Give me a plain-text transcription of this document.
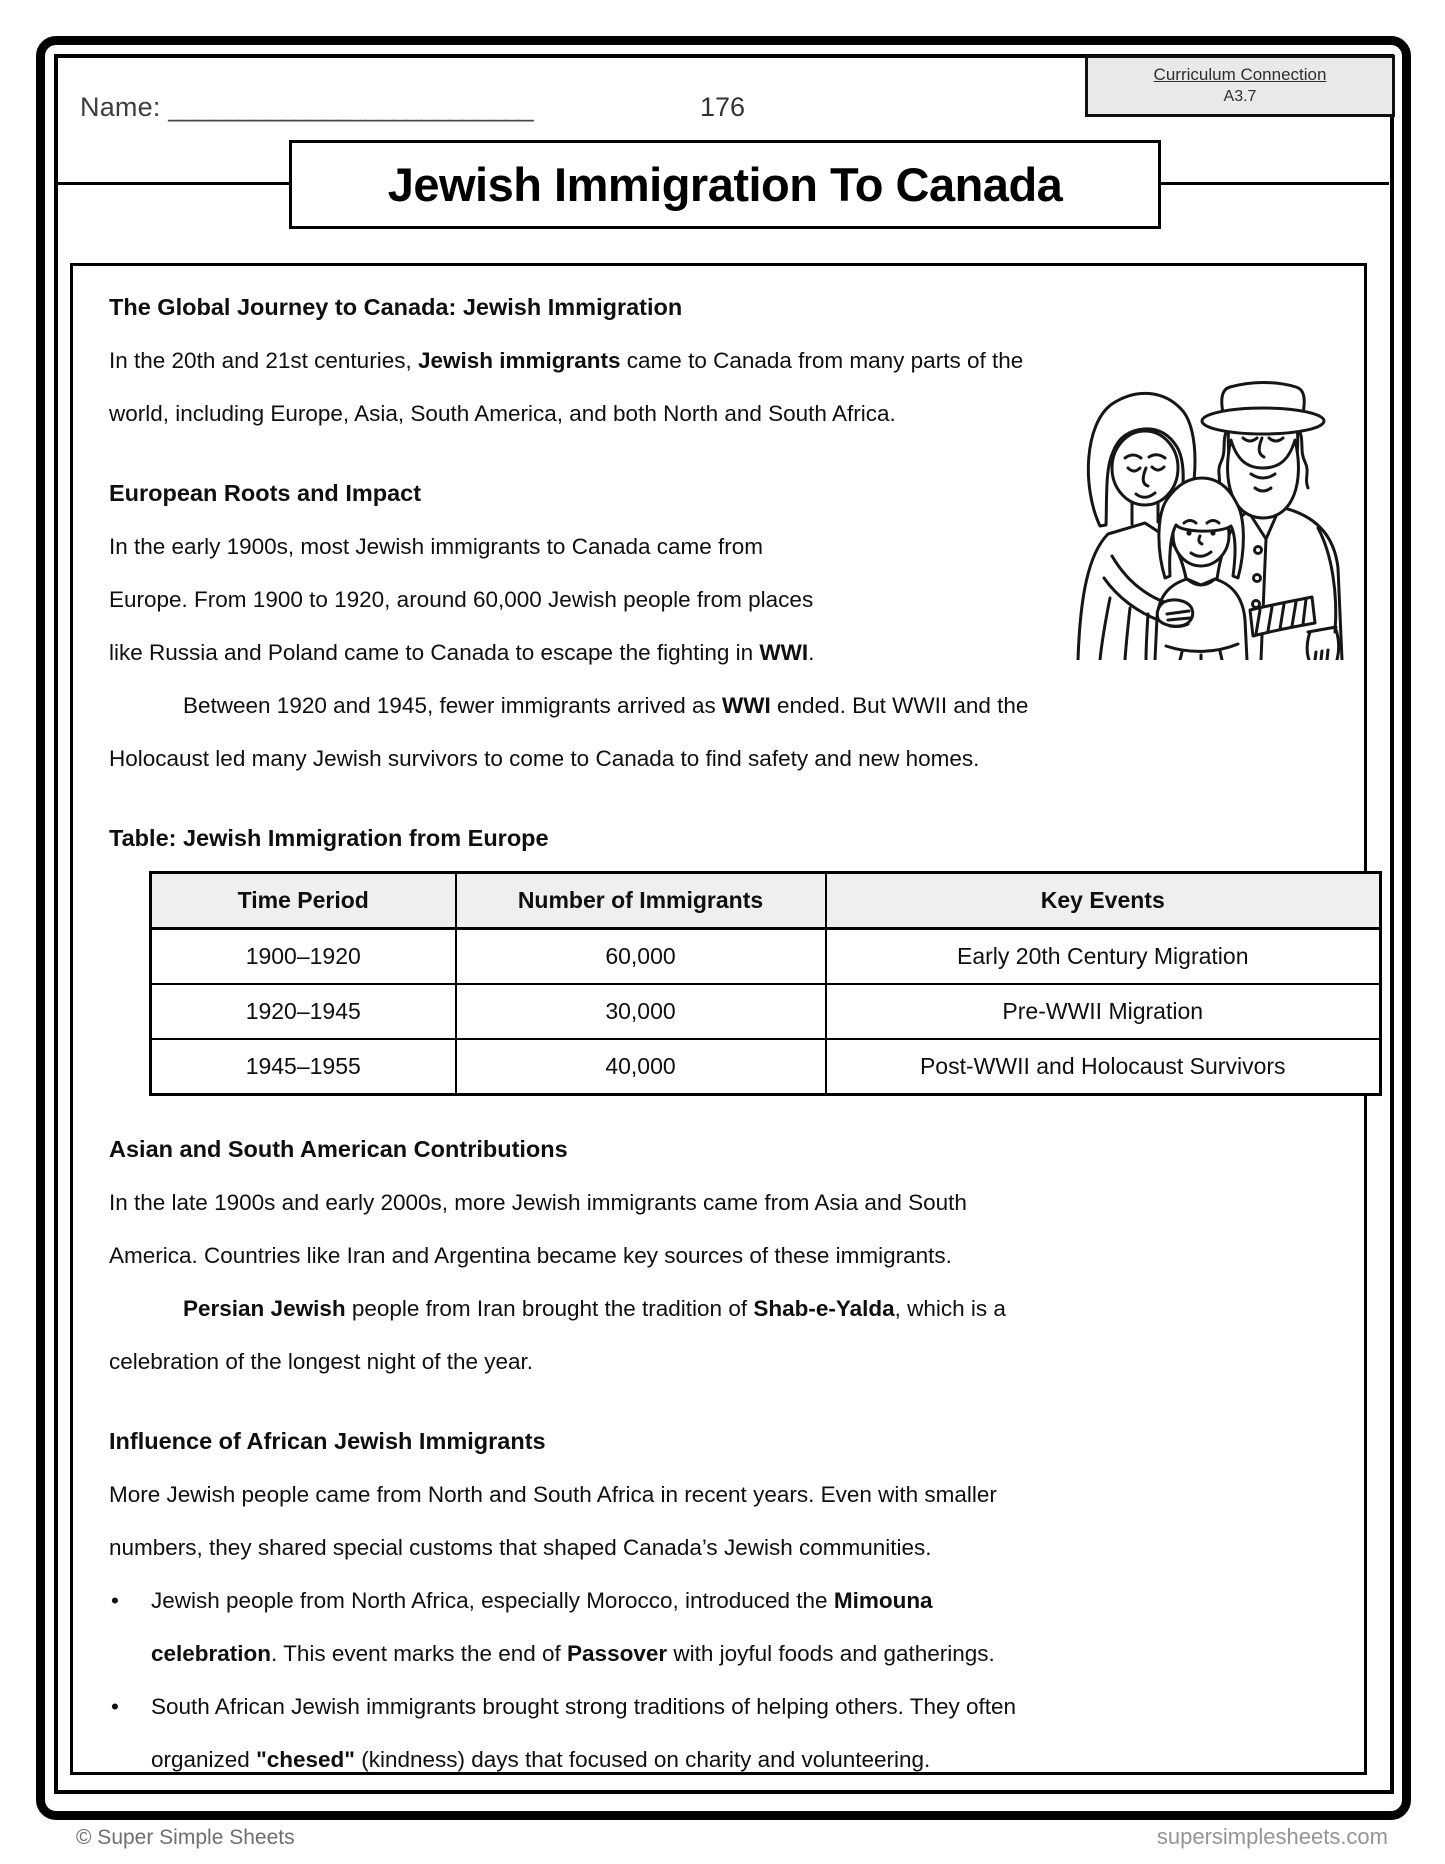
Name: __________________________	176
Curriculum Connection
A3.7
Jewish Immigration To Canada
The Global Journey to Canada: Jewish Immigration
In the 20th and 21st centuries, Jewish immigrants came to Canada from many parts of the
world, including Europe, Asia, South America, and both North and South Africa.
European Roots and Impact
In the early 1900s, most Jewish immigrants to Canada came from
Europe. From 1900 to 1920, around 60,000 Jewish people from places
like Russia and Poland came to Canada to escape the fighting in WWI.
Between 1920 and 1945, fewer immigrants arrived as WWI ended. But WWII and the
Holocaust led many Jewish survivors to come to Canada to find safety and new homes.
Table: Jewish Immigration from Europe
Time Period	Number of Immigrants	Key Events
1900–1920	60,000	Early 20th Century Migration
1920–1945	30,000	Pre-WWII Migration
1945–1955	40,000	Post-WWII and Holocaust Survivors
Asian and South American Contributions
In the late 1900s and early 2000s, more Jewish immigrants came from Asia and South
America. Countries like Iran and Argentina became key sources of these immigrants.
Persian Jewish people from Iran brought the tradition of Shab-e-Yalda, which is a
celebration of the longest night of the year.
Influence of African Jewish Immigrants
More Jewish people came from North and South Africa in recent years. Even with smaller
numbers, they shared special customs that shaped Canada’s Jewish communities.
•	Jewish people from North Africa, especially Morocco, introduced the Mimouna
celebration. This event marks the end of Passover with joyful foods and gatherings.
•	South African Jewish immigrants brought strong traditions of helping others. They often
organized "chesed" (kindness) days that focused on charity and volunteering.
© Super Simple Sheets	supersimplesheets.com
